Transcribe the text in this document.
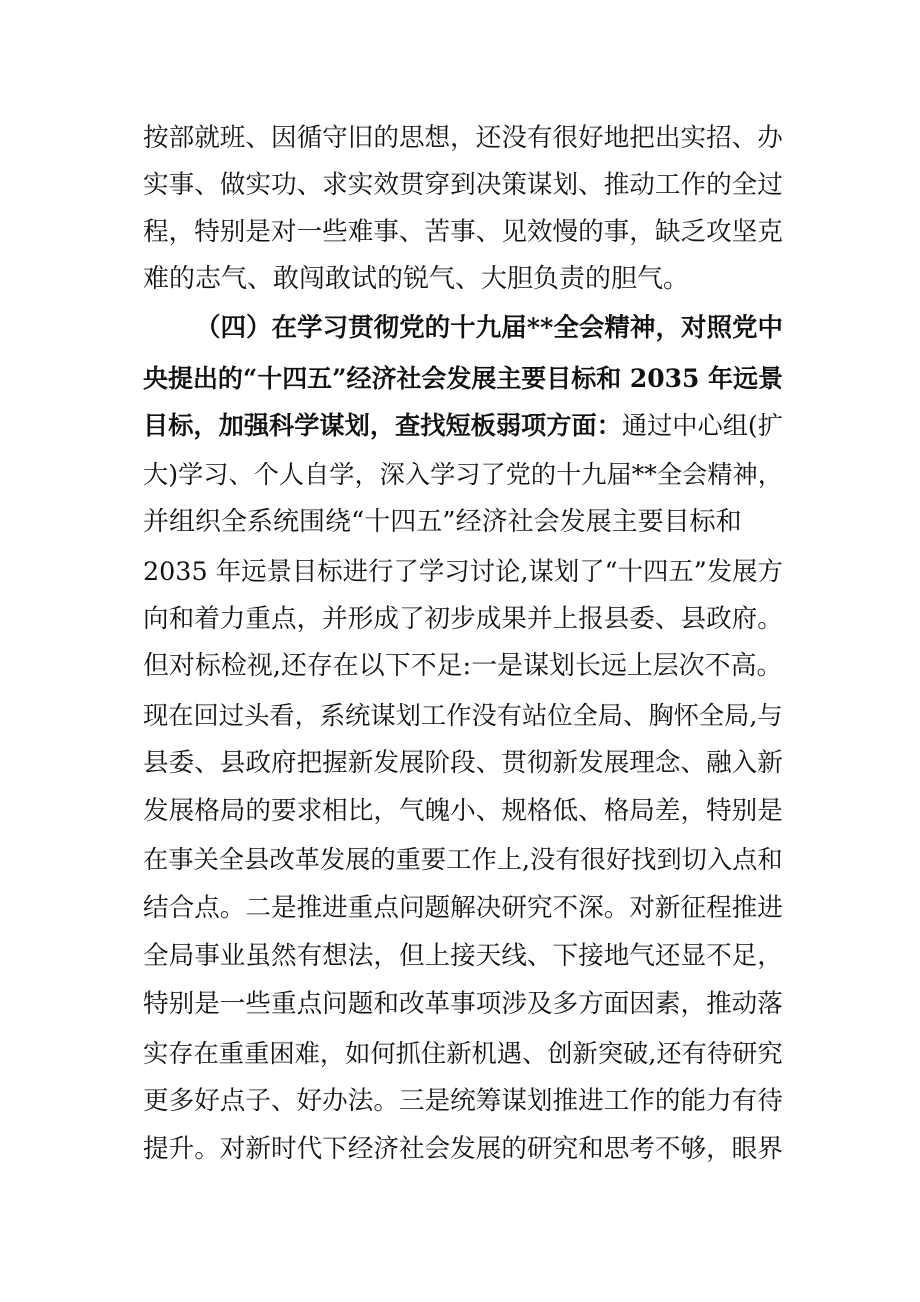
按部就班、因循守旧的思想，还没有很好地把出实招、办
实事、做实功、求实效贯穿到决策谋划、推动工作的全过
程，特别是对一些难事、苦事、见效慢的事，缺乏攻坚克
难的志气、敢闯敢试的锐气、大胆负责的胆气。
（四）在学习贯彻党的十九届**全会精神，对照党中
央提出的“十四五”经济社会发展主要目标和 2035 年远景
目标，加强科学谋划，查找短板弱项方面：通过中心组(扩
大)学习、个人自学，深入学习了党的十九届**全会精神，
并组织全系统围绕“十四五”经济社会发展主要目标和
2035 年远景目标进行了学习讨论,谋划了“十四五”发展方
向和着力重点，并形成了初步成果并上报县委、县政府。
但对标检视,还存在以下不足:一是谋划长远上层次不高。
现在回过头看，系统谋划工作没有站位全局、胸怀全局,与
县委、县政府把握新发展阶段、贯彻新发展理念、融入新
发展格局的要求相比，气魄小、规格低、格局差，特别是
在事关全县改革发展的重要工作上,没有很好找到切入点和
结合点。二是推进重点问题解决研究不深。对新征程推进
全局事业虽然有想法，但上接天线、下接地气还显不足，
特别是一些重点问题和改革事项涉及多方面因素，推动落
实存在重重困难，如何抓住新机遇、创新突破,还有待研究
更多好点子、好办法。三是统筹谋划推进工作的能力有待
提升。对新时代下经济社会发展的研究和思考不够，眼界
